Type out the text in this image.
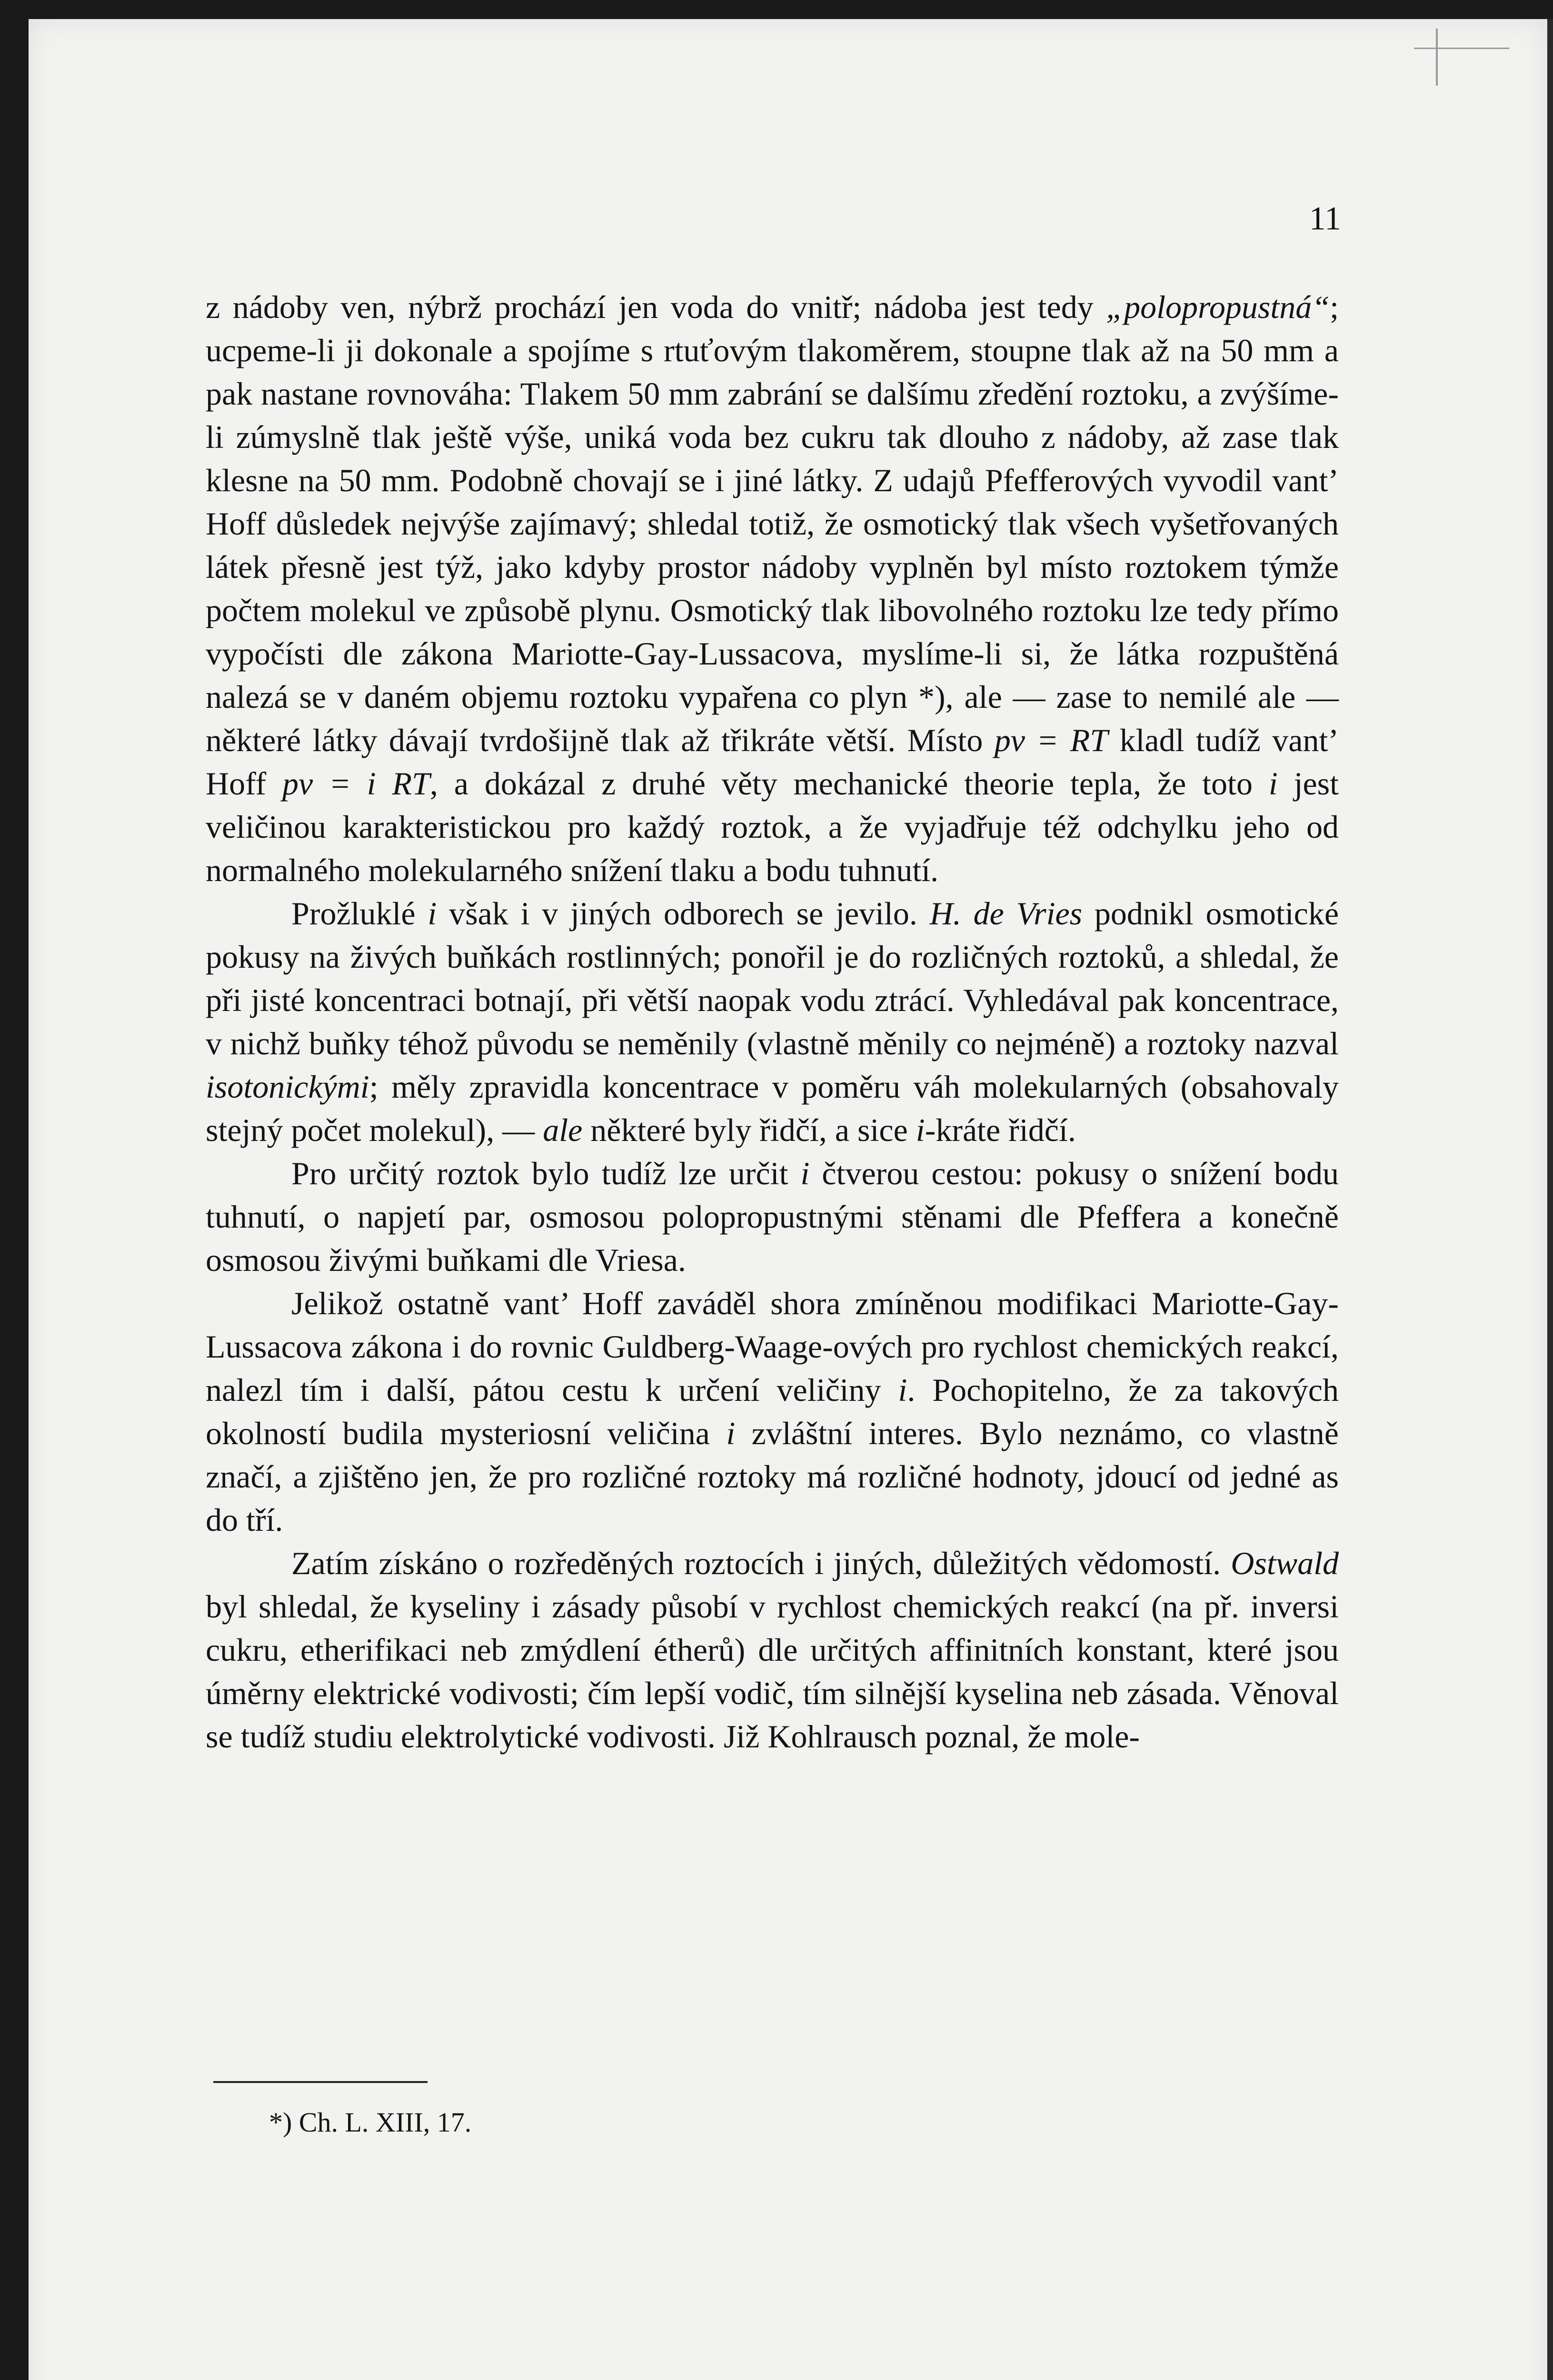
11

z nádoby ven, nýbrž prochází jen voda do vnitř; nádoba jest tedy „polopropustná“; ucpeme-li ji dokonale a spojíme s rtuťovým tlakoměrem, stoupne tlak až na 50 mm a pak nastane rovnováha: Tlakem 50 mm zabrání se dalšímu zředění roztoku, a zvýšíme-li zúmyslně tlak ještě výše, uniká voda bez cukru tak dlouho z nádoby, až zase tlak klesne na 50 mm. Podobně chovají se i jiné látky. Z udajů Pfefferových vyvodil vant’ Hoff důsledek nejvýše zajímavý; shledal totiž, že osmotický tlak všech vyšetřovaných látek přesně jest týž, jako kdyby prostor nádoby vyplněn byl místo roztokem týmže počtem molekul ve způsobě plynu. Osmotický tlak libovolného roztoku lze tedy přímo vypočísti dle zákona Mariotte-Gay-Lussacova, myslíme-li si, že látka rozpuštěná nalezá se v daném objemu roztoku vypařena co plyn *), ale — zase to nemilé ale — některé látky dávají tvrdošijně tlak až třikráte větší. Místo pv = RT kladl tudíž vant’ Hoff pv = i RT, a dokázal z druhé věty mechanické theorie tepla, že toto i jest veličinou karakteristickou pro každý roztok, a že vyjadřuje též odchylku jeho od normalného molekularného snížení tlaku a bodu tuhnutí.

Prožluklé i však i v jiných odborech se jevilo. H. de Vries podnikl osmotické pokusy na živých buňkách rostlinných; ponořil je do rozličných roztoků, a shledal, že při jisté koncentraci botnají, při větší naopak vodu ztrácí. Vyhledával pak koncentrace, v nichž buňky téhož původu se neměnily (vlastně měnily co nejméně) a roztoky nazval isotonickými; měly zpravidla koncentrace v poměru váh molekularných (obsahovaly stejný počet molekul), — ale některé byly řidčí, a sice i-kráte řidčí.

Pro určitý roztok bylo tudíž lze určit i čtverou cestou: pokusy o snížení bodu tuhnutí, o napjetí par, osmosou polopropustnými stěnami dle Pfeffera a konečně osmosou živými buňkami dle Vriesa.

Jelikož ostatně vant’ Hoff zaváděl shora zmíněnou modifikaci Mariotte-Gay-Lussacova zákona i do rovnic Guldberg-Waage-ových pro rychlost chemických reakcí, nalezl tím i další, pátou cestu k určení veličiny i. Pochopitelno, že za takových okolností budila mysteriosní veličina i zvláštní interes. Bylo neznámo, co vlastně značí, a zjištěno jen, že pro rozličné roztoky má rozličné hodnoty, jdoucí od jedné as do tří.

Zatím získáno o rozředěných roztocích i jiných, důležitých vědomostí. Ostwald byl shledal, že kyseliny i zásady působí v rychlost chemických reakcí (na př. inversi cukru, etherifikaci neb zmýdlení étherů) dle určitých affinitních konstant, které jsou úměrny elektrické vodivosti; čím lepší vodič, tím silnější kyselina neb zásada. Věnoval se tudíž studiu elektrolytické vodivosti. Již Kohlrausch poznal, že mole-

*) Ch. L. XIII, 17.
